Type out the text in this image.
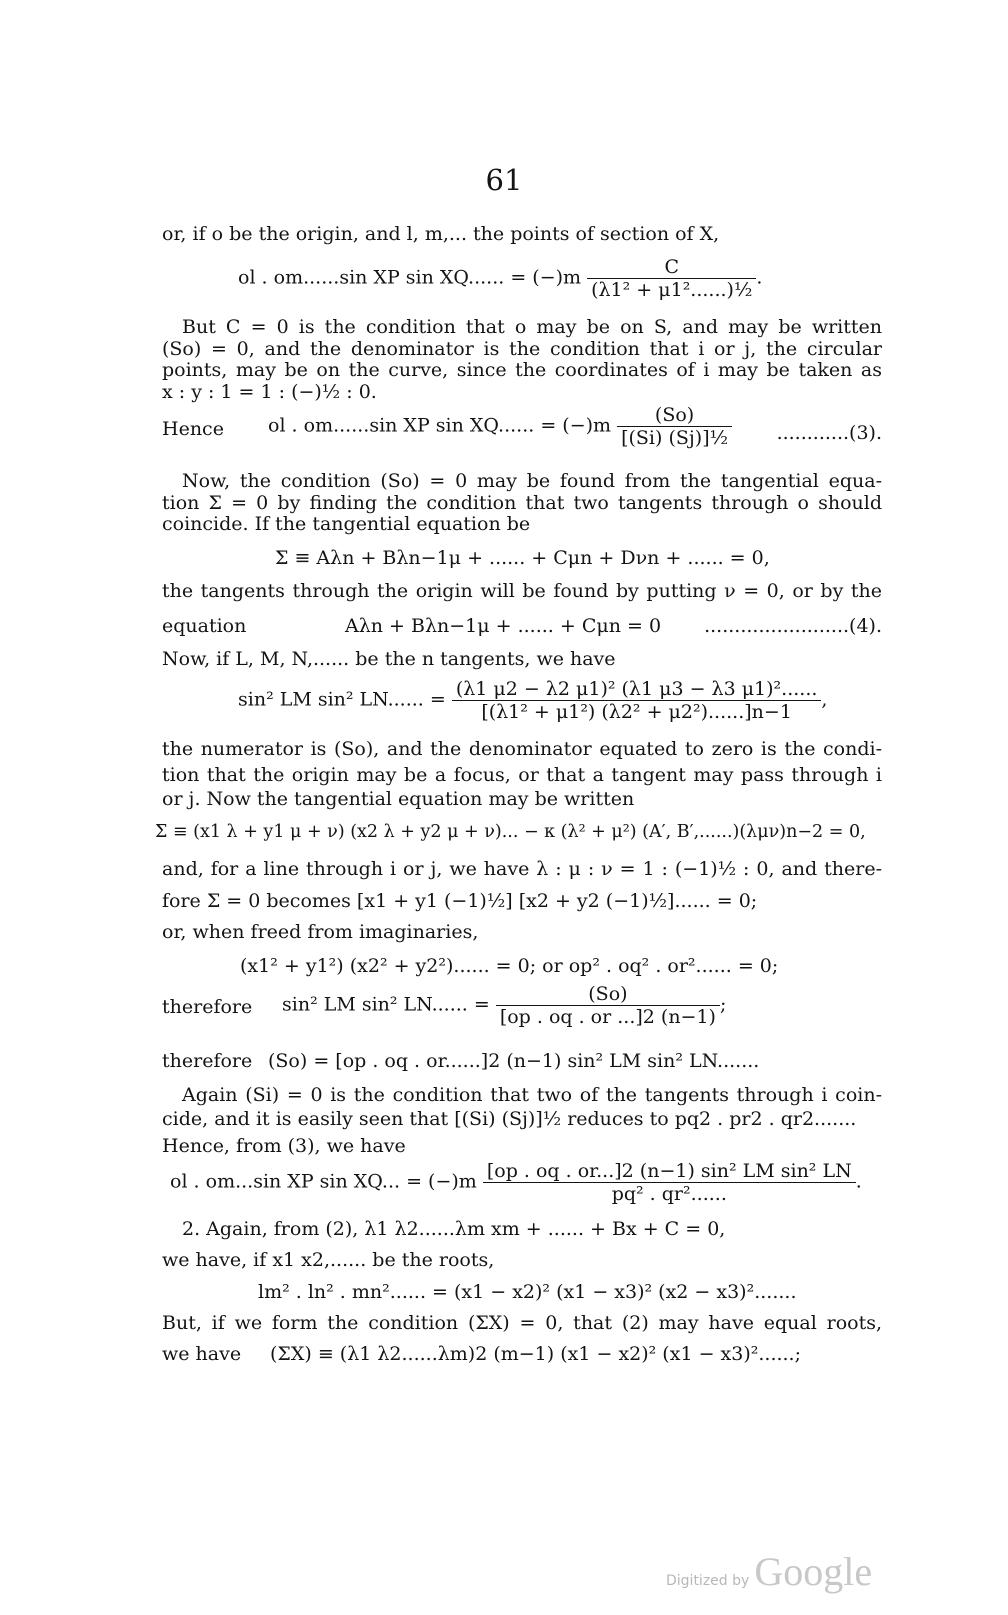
61
or, if o be the origin, and l, m,... the points of section of X,
ol . om......sin XP sin XQ...... = $(-)m \frac{C}{\text{(λ1² + μ1²......)½}}$ .
But C = 0 is the condition that o may be on S, and may be written
(So) = 0, and the denominator is the condition that i or j, the circular
points, may be on the curve, since the coordinates of i may be taken as
x : y : 1 = 1 : (−)½ : 0.
Hence ol . om......sin XP sin XQ...... = $(-)m \frac{(So)}{\text{[(Si) (Sj)]½}} ............(3)$.
Now, the condition (So) = 0 may be found from the tangential equa-
tion Σ = 0 by finding the condition that two tangents through o should
coincide. If the tangential equation be
Σ ≡ Aλn + Bλn−1μ + ...... + Cμn + Dνn + ...... = 0,
the tangents through the origin will be found by putting ν = 0, or by the
equation	Aλn + Bλn−1μ + ...... + Cμn = 0 ........................(4).
Now, if L, M, N,...... be the n tangents, we have
sin² LM sin² LN...... = $\frac{\text{(λ1 μ2 − λ2 μ1)² (λ1 μ3 − λ3 μ1)²......}}{\text{[(λ1² + μ1²) (λ2² + μ2²)......]n−1}}$ ,
the numerator is (So), and the denominator equated to zero is the condi-
tion that the origin may be a focus, or that a tangent may pass through i
or j. Now the tangential equation may be written
Σ ≡ (x1 λ + y1 μ + ν) (x2 λ + y2 μ + ν)... − κ (λ² + μ²) (A′, B′,......)(λμν)n−2 = 0,
and, for a line through i or j, we have λ : μ : ν = 1 : (−1)½ : 0, and there-
fore Σ = 0 becomes [x1 + y1 (−1)½] [x2 + y2 (−1)½]...... = 0;
or, when freed from imaginaries,
(x1² + y1²) (x2² + y2²)...... = 0; or op² . oq² . or²...... = 0;
therefore sin² LM sin² LN...... = $\frac{(So)}{[op . oq . or ...]2 (n-1)}$ ;
therefore (So) = [op . oq . or......]2 (n−1) sin² LM sin² LN.......
Again (Si) = 0 is the condition that two of the tangents through i coin-
cide, and it is easily seen that [(Si) (Sj)]½ reduces to pq2 . pr2 . qr2.......
Hence, from (3), we have
ol . om...sin XP sin XQ... = $(-)m \frac{\text{[op . oq . or...]2 (n−1) sin² LM sin² LN}}{\text{pq² . qr²......}}$ .
2. Again, from (2), λ1 λ2......λm xm + ...... + Bx + C = 0,
we have, if x1 x2,...... be the roots,
lm² . ln² . mn²...... = (x1 − x2)² (x1 − x3)² (x2 − x3)².......
But, if we form the condition (ΣX) = 0, that (2) may have equal roots,
we have (ΣX) ≡ (λ1 λ2......λm)2 (m−1) (x1 − x2)² (x1 − x3)²......;
Digitized by Google
